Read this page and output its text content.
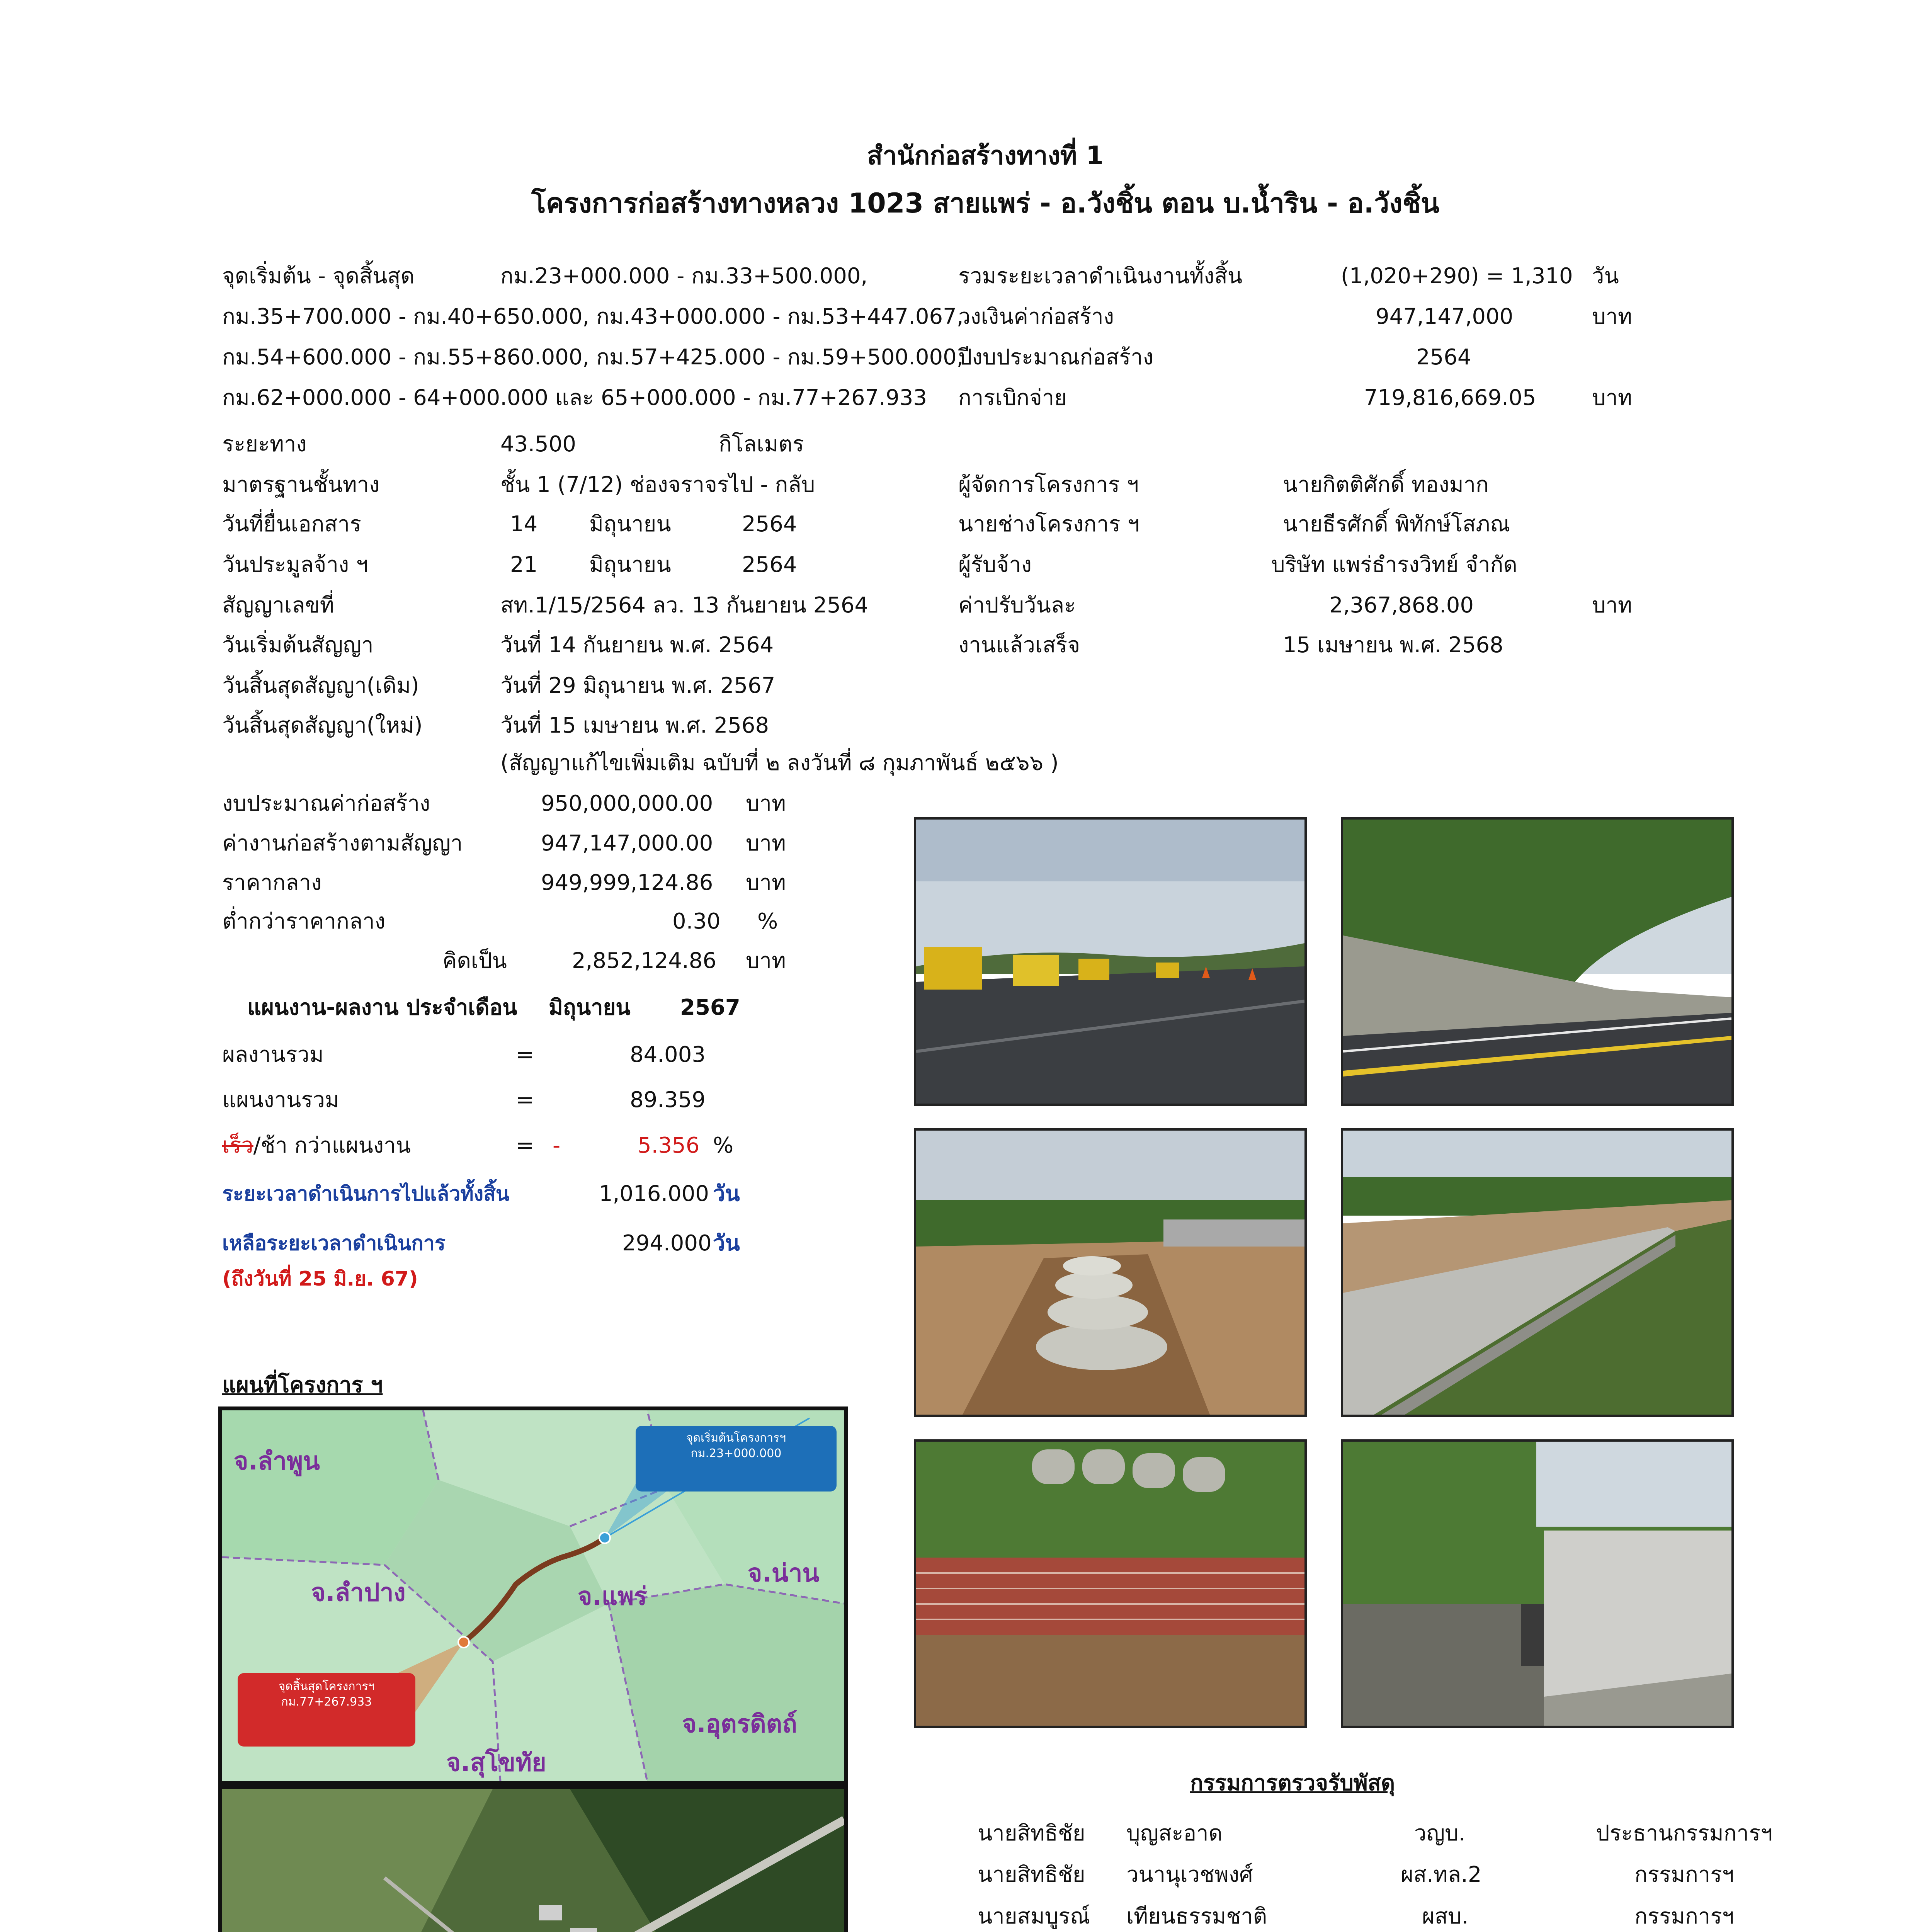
สำนักก่อสร้างทางที่ 1
โครงการก่อสร้างทางหลวง 1023 สายแพร่ - อ.วังชิ้น ตอน บ.น้ำริน - อ.วังชิ้น
จุดเริ่มต้น - จุดสิ้นสุด	กม.23+000.000 - กม.33+500.000,
กม.35+700.000 - กม.40+650.000, กม.43+000.000 - กม.53+447.067,
กม.54+600.000 - กม.55+860.000, กม.57+425.000 - กม.59+500.000,
กม.62+000.000 - 64+000.000 และ 65+000.000 - กม.77+267.933
ระยะทาง	43.500	กิโลเมตร
มาตรฐานชั้นทาง	ชั้น 1 (7/12) ช่องจราจรไป - กลับ
วันที่ยื่นเอกสาร	14 มิถุนายน	2564
วันประมูลจ้าง ฯ	21 มิถุนายน	2564
สัญญาเลขที่	สท.1/15/2564 ลว. 13 กันยายน 2564
วันเริ่มต้นสัญญา	วันที่ 14 กันยายน พ.ศ. 2564
วันสิ้นสุดสัญญา(เดิม)	วันที่ 29 มิถุนายน พ.ศ. 2567
วันสิ้นสุดสัญญา(ใหม่)	วันที่ 15 เมษายน พ.ศ. 2568
(สัญญาแก้ไขเพิ่มเติม ฉบับที่ ๒ ลงวันที่ ๘ กุมภาพันธ์ ๒๕๖๖ )
รวมระยะเวลาดำเนินงานทั้งสิ้น	(1,020+290) = 1,310 วัน
วงเงินค่าก่อสร้าง	947,147,000	บาท
ปีงบประมาณก่อสร้าง	2564
การเบิกจ่าย	719,816,669.05	บาท
ผู้จัดการโครงการ ฯ	นายกิตติศักดิ์ ทองมาก
นายช่างโครงการ ฯ	นายธีรศักดิ์ พิทักษ์โสภณ
ผู้รับจ้าง	บริษัท แพร่ธำรงวิทย์ จำกัด
ค่าปรับวันละ	2,367,868.00	บาท
งานแล้วเสร็จ	15 เมษายน พ.ศ. 2568
งบประมาณค่าก่อสร้าง	950,000,000.00 บาท
ค่างานก่อสร้างตามสัญญา	947,147,000.00 บาท
ราคากลาง	949,999,124.86 บาท
ต่ำกว่าราคากลาง	0.30 %
คิดเป็น	2,852,124.86 บาท
แผนงาน-ผลงาน ประจำเดือน มิถุนายน 2567
ผลงานรวม	=	84.003
แผนงานรวม	=	89.359
เร็ว/ช้า กว่าแผนงาน	= -	5.356 %
ระยะเวลาดำเนินการไปแล้วทั้งสิ้น	1,016.000 วัน
เหลือระยะเวลาดำเนินการ	294.000 วัน
(ถึงวันที่ 25 มิ.ย. 67)
แผนที่โครงการ ฯ
จุดเริ่มต้นโครงการฯ
กม.23+000.000
จุดสิ้นสุดโครงการฯ
กม.77+267.933
จ.ลำพูน
จ.ลำปาง	จ.แพร่
จ.น่าน
จ.อุตรดิตถ์
จ.สุโขทัย

กรรมการตรวจรับพัสดุ
นายสิทธิชัย บุญสะอาด	วญบ.	ประธานกรรมการฯ
นายสิทธิชัย วนานุเวชพงศ์	ผส.ทล.2	กรรมการฯ
นายสมบูรณ์ เทียนธรรมชาติ	ผสบ.	กรรมการฯ
